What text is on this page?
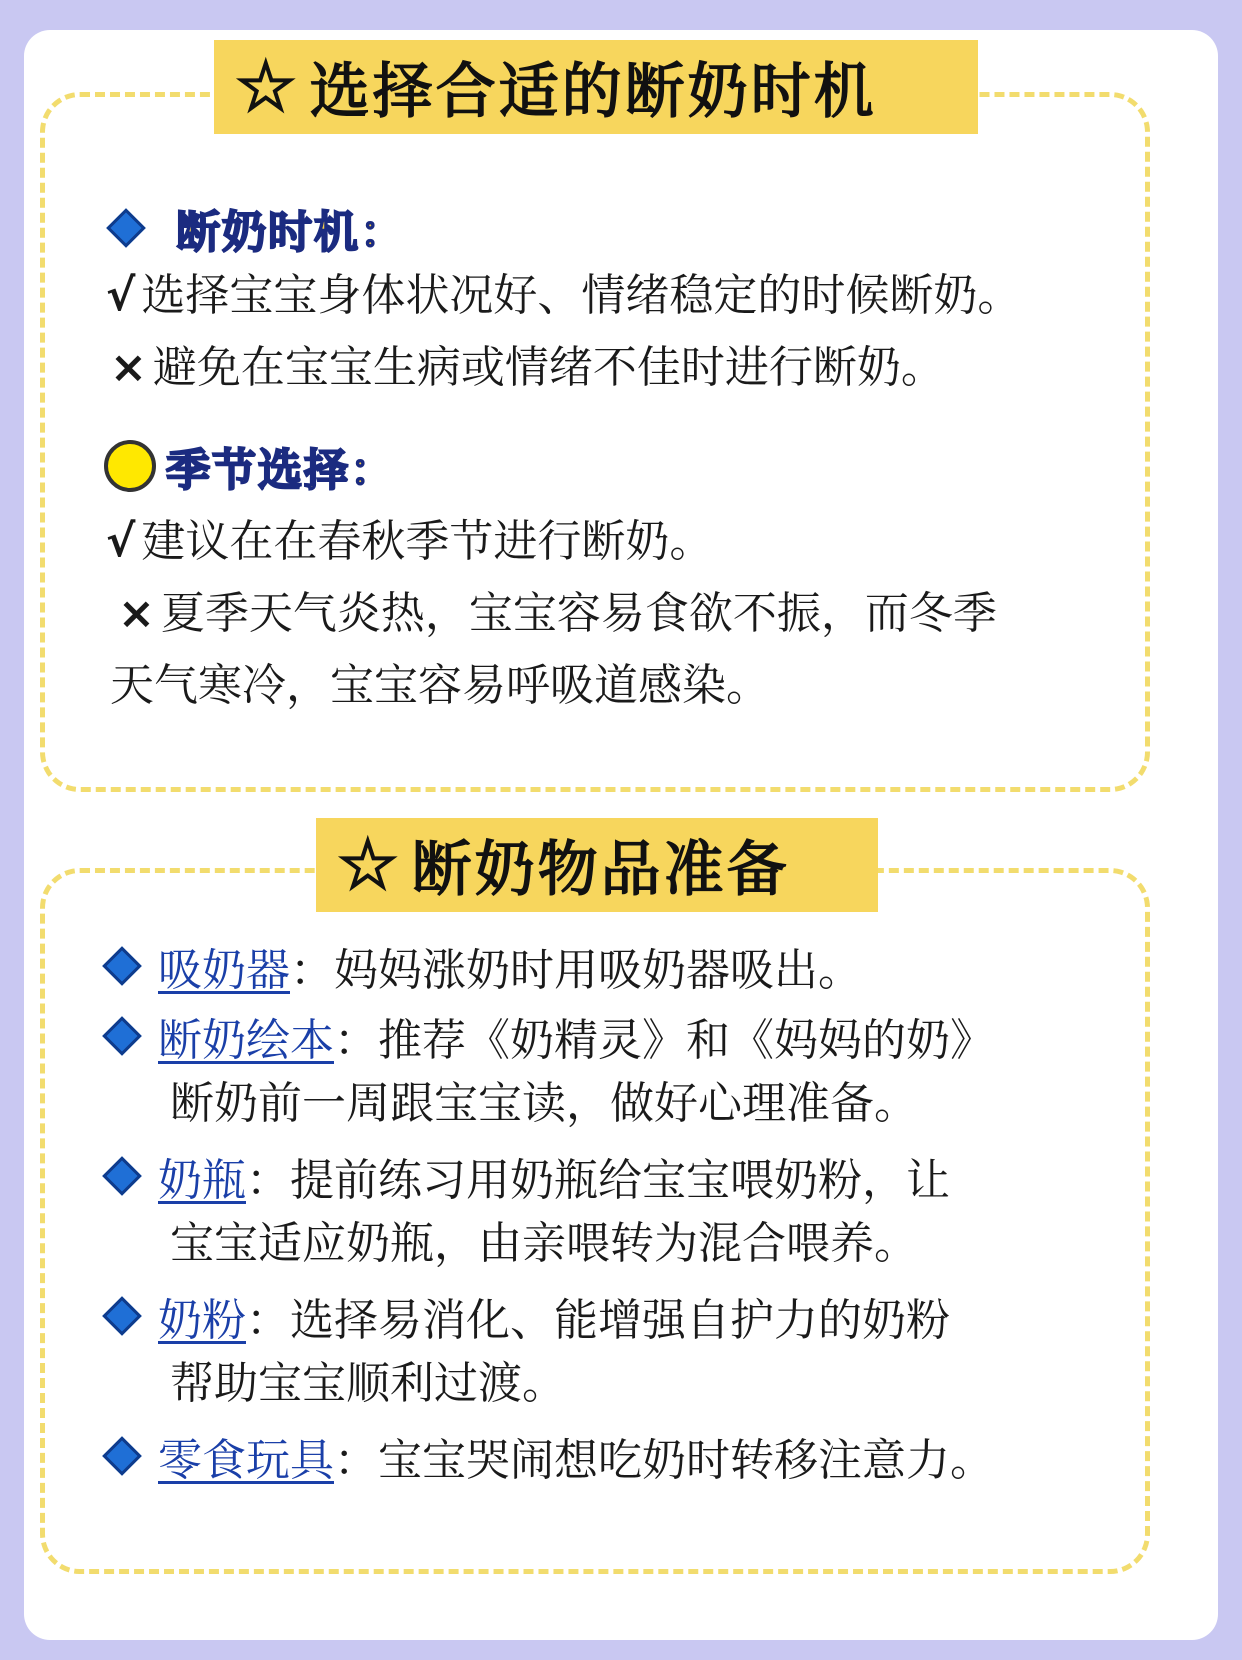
★ 选择合适的断奶时机
断奶时机：
√ 选择宝宝身体状况好、情绪稳定的时候断奶。
× 避免在宝宝生病或情绪不佳时进行断奶。
季节选择：
√ 建议在在春秋季节进行断奶。
× 夏季天气炎热，宝宝容易食欲不振，而冬季
天气寒冷，宝宝容易呼吸道感染。
★ 断奶物品准备
吸奶器 ：妈妈涨奶时用吸奶器吸出。
断奶绘本 ：推荐《奶精灵》和《妈妈的奶》
断奶前一周跟宝宝读，做好心理准备。
奶瓶 ：提前练习用奶瓶给宝宝喂奶粉，让
宝宝适应奶瓶，由亲喂转为混合喂养。
奶粉 ：选择易消化、能增强自护力的奶粉
帮助宝宝顺利过渡。
零食玩具 ：宝宝哭闹想吃奶时转移注意力。
